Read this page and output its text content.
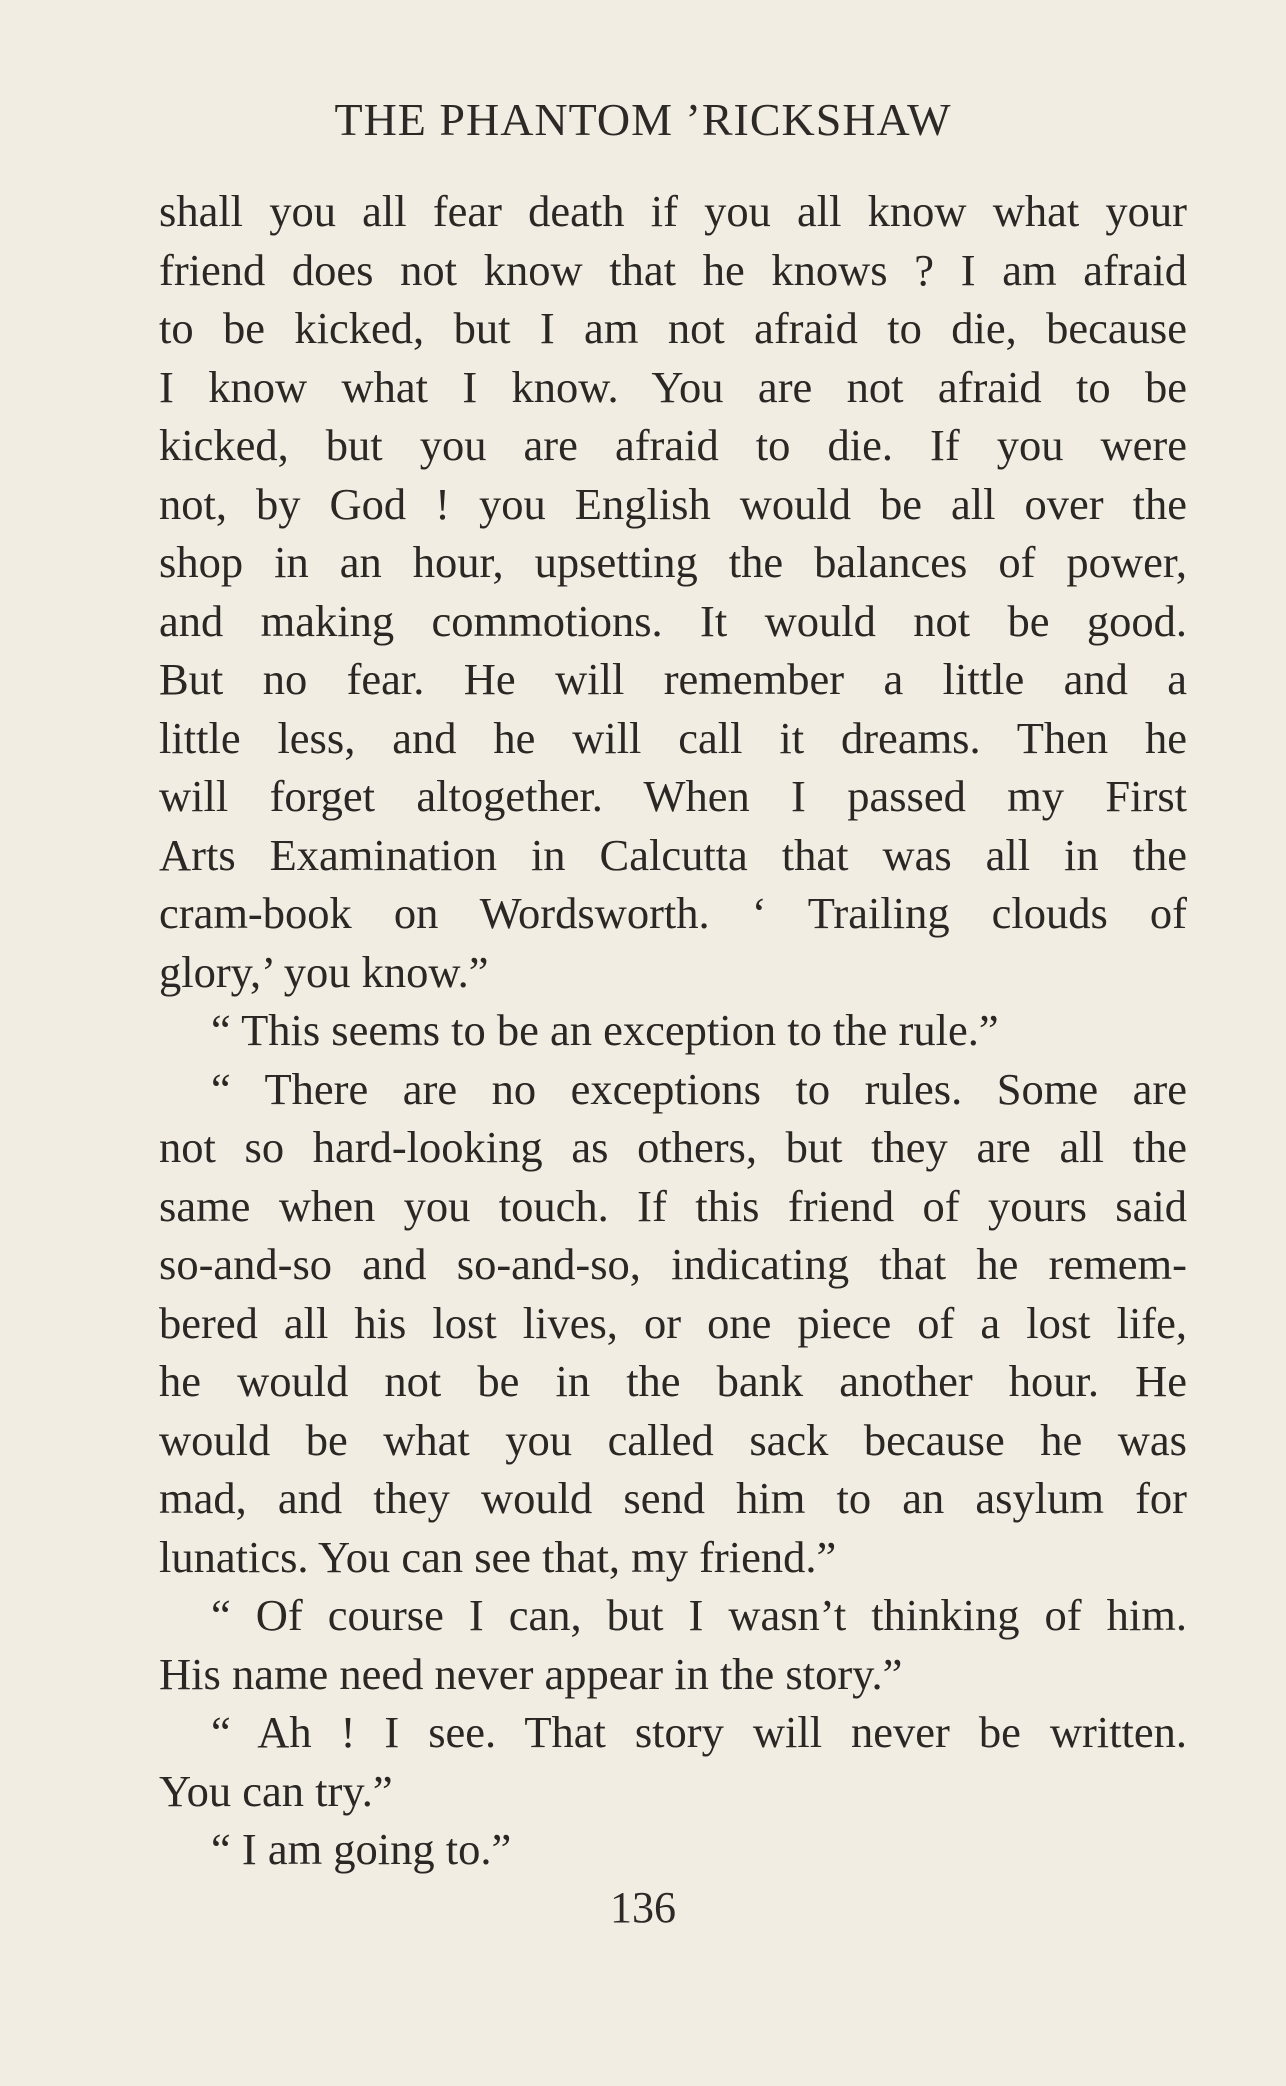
THE PHANTOM ’RICKSHAW
shall you all fear death if you all know what your
friend does not know that he knows ? I am afraid
to be kicked, but I am not afraid to die, because
I know what I know. You are not afraid to be
kicked, but you are afraid to die. If you were
not, by God ! you English would be all over the
shop in an hour, upsetting the balances of power,
and making commotions. It would not be good.
But no fear. He will remember a little and a
little less, and he will call it dreams. Then he
will forget altogether. When I passed my First
Arts Examination in Calcutta that was all in the
cram-book on Wordsworth. ‘ Trailing clouds of
glory,’ you know.”
“ This seems to be an exception to the rule.”
“ There are no exceptions to rules. Some are
not so hard-looking as others, but they are all the
same when you touch. If this friend of yours said
so-and-so and so-and-so, indicating that he remem-
bered all his lost lives, or one piece of a lost life,
he would not be in the bank another hour. He
would be what you called sack because he was
mad, and they would send him to an asylum for
lunatics. You can see that, my friend.”
“ Of course I can, but I wasn’t thinking of him.
His name need never appear in the story.”
“ Ah ! I see. That story will never be written.
You can try.”
“ I am going to.”
136
